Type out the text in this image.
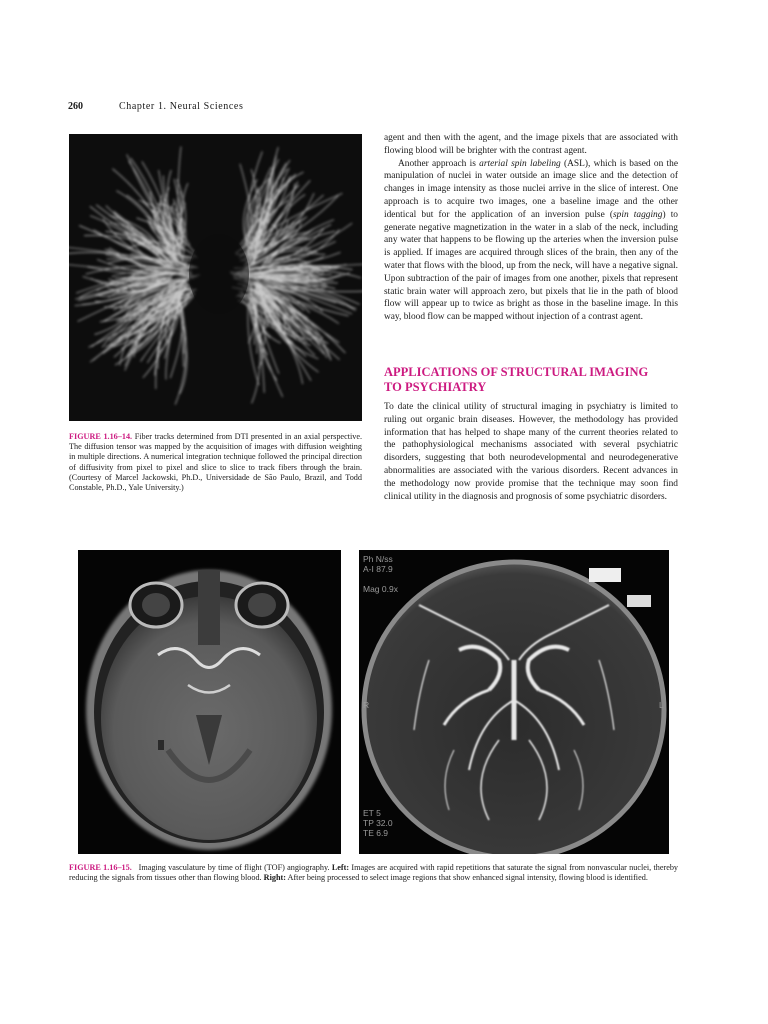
260	Chapter 1. Neural Sciences
FIGURE 1.16–14. Fiber tracks determined from DTI presented in an axial perspective. The diffusion tensor was mapped by the acquisition of images with diffusion weighting in multiple directions. A numerical integration technique followed the principal direction of diffusivity from pixel to pixel and slice to slice to track fibers through the brain. (Courtesy of Marcel Jackowski, Ph.D., Universidade de São Paulo, Brazil, and Todd Constable, Ph.D., Yale University.)

agent and then with the agent, and the image pixels that are associated with flowing blood will be brighter with the contrast agent.

Another approach is arterial spin labeling (ASL), which is based on the manipulation of nuclei in water outside an image slice and the detection of changes in image intensity as those nuclei arrive in the slice of interest. One approach is to acquire two images, one a baseline image and the other identical but for the application of an inversion pulse (spin tagging) to generate negative magnetization in the water in a slab of the neck, including any water that happens to be flowing up the arteries when the inversion pulse is applied. If images are acquired through slices of the brain, then any of the water that flows with the blood, up from the neck, will have a negative signal. Upon subtraction of the pair of images from one another, pixels that represent static brain water will approach zero, but pixels that lie in the path of blood flow will appear up to twice as bright as those in the baseline image. In this way, blood flow can be mapped without injection of a contrast agent.

APPLICATIONS OF STRUCTURAL IMAGING
TO PSYCHIATRY

To date the clinical utility of structural imaging in psychiatry is limited to ruling out organic brain diseases. However, the methodology has provided information that has helped to shape many of the current theories related to the pathophysiological mechanisms associated with several psychiatric disorders, suggesting that both neurodevelopmental and neurodegenerative abnormalities are associated with the various disorders. Recent advances in the methodology now provide promise that the technique may soon find clinical utility in the diagnosis and prognosis of some psychiatric disorders.

Ph N/ss
A-I 87.9

Mag 0.9x
ET 5
TP 32.0
TE 6.9
R	L
FIGURE 1.16–15. Imaging vasculature by time of flight (TOF) angiography. Left: Images are acquired with rapid repetitions that saturate the signal from nonvascular nuclei, thereby reducing the signals from tissues other than flowing blood. Right: After being processed to select image regions that show enhanced signal intensity, flowing blood is identified.
